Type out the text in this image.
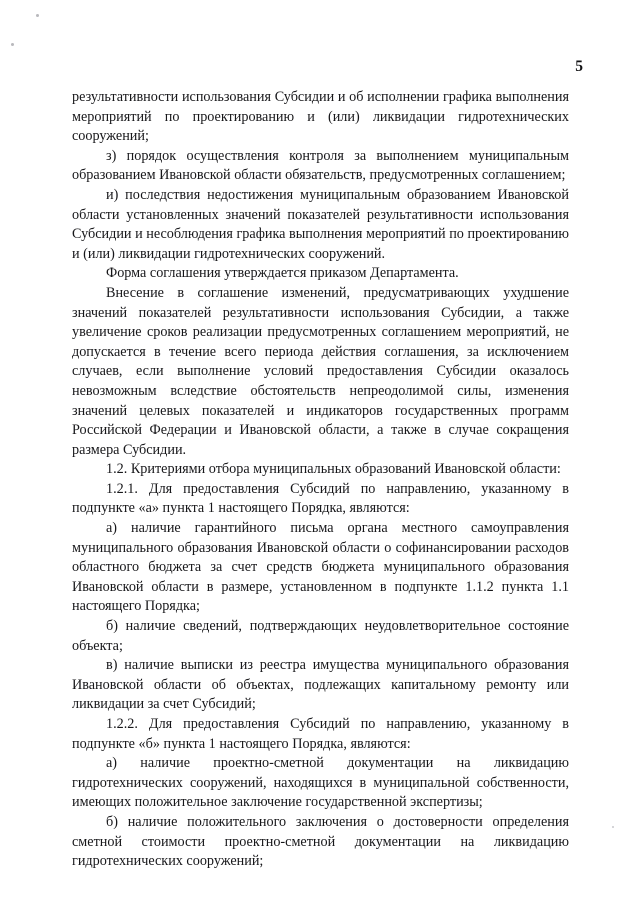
5

результативности использования Субсидии и об исполнении графика выполнения мероприятий по проектированию и (или) ликвидации гидротехнических сооружений;

з) порядок осуществления контроля за выполнением муниципальным образованием Ивановской области обязательств, предусмотренных соглашением;

и) последствия недостижения муниципальным образованием Ивановской области установленных значений показателей результативности использования Субсидии и несоблюдения графика выполнения мероприятий по проектированию и (или) ликвидации гидротехнических сооружений.

Форма соглашения утверждается приказом Департамента.

Внесение в соглашение изменений, предусматривающих ухудшение значений показателей результативности использования Субсидии, а также увеличение сроков реализации предусмотренных соглашением мероприятий, не допускается в течение всего периода действия соглашения, за исключением случаев, если выполнение условий предоставления Субсидии оказалось невозможным вследствие обстоятельств непреодолимой силы, изменения значений целевых показателей и индикаторов государственных программ Российской Федерации и Ивановской области, а также в случае сокращения размера Субсидии.

1.2. Критериями отбора муниципальных образований Ивановской области:

1.2.1. Для предоставления Субсидий по направлению, указанному в подпункте «а» пункта 1 настоящего Порядка, являются:

а) наличие гарантийного письма органа местного самоуправления муниципального образования Ивановской области о софинансировании расходов областного бюджета за счет средств бюджета муниципального образования Ивановской области в размере, установленном в подпункте 1.1.2 пункта 1.1 настоящего Порядка;

б) наличие сведений, подтверждающих неудовлетворительное состояние объекта;

в) наличие выписки из реестра имущества муниципального образования Ивановской области об объектах, подлежащих капитальному ремонту или ликвидации за счет Субсидий;

1.2.2. Для предоставления Субсидий по направлению, указанному в подпункте «б» пункта 1 настоящего Порядка, являются:

а) наличие проектно-сметной документации на ликвидацию гидротехнических сооружений, находящихся в муниципальной собственности, имеющих положительное заключение государственной экспертизы;

б) наличие положительного заключения о достоверности определения сметной стоимости проектно-сметной документации на ликвидацию гидротехнических сооружений;
